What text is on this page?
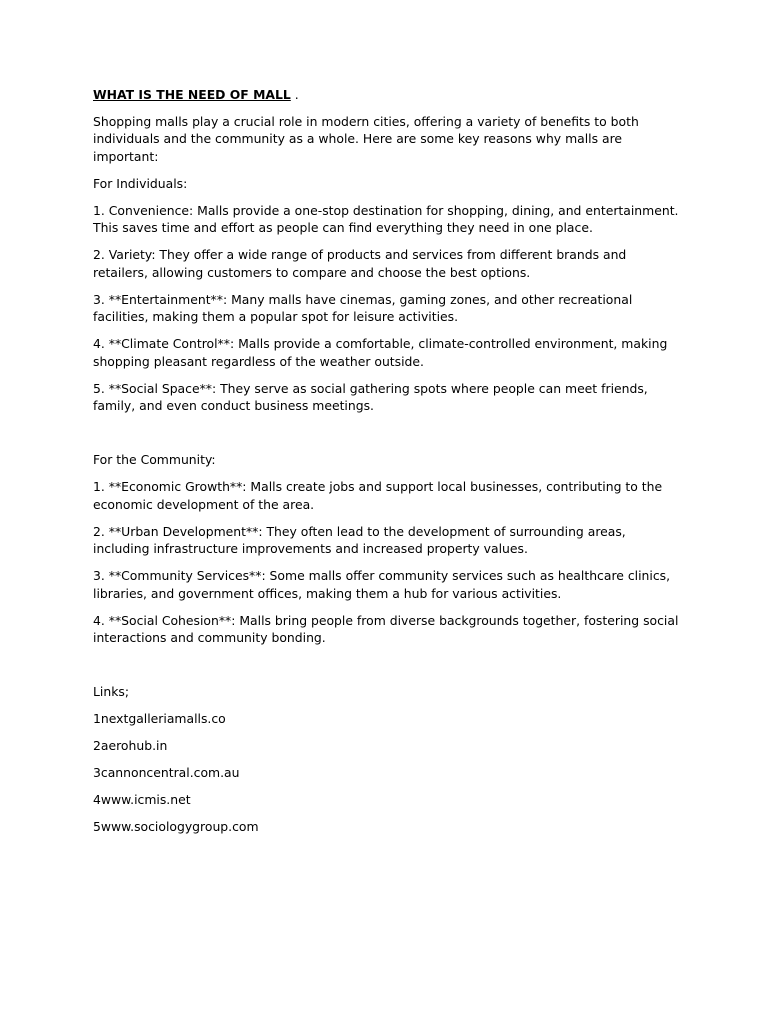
WHAT IS THE NEED OF MALL .

Shopping malls play a crucial role in modern cities, offering a variety of benefits to both individuals and the community as a whole. Here are some key reasons why malls are important:

For Individuals:

1. Convenience: Malls provide a one-stop destination for shopping, dining, and entertainment. This saves time and effort as people can find everything they need in one place.

2. Variety: They offer a wide range of products and services from different brands and retailers, allowing customers to compare and choose the best options.

3. **Entertainment**: Many malls have cinemas, gaming zones, and other recreational facilities, making them a popular spot for leisure activities.

4. **Climate Control**: Malls provide a comfortable, climate-controlled environment, making shopping pleasant regardless of the weather outside.

5. **Social Space**: They serve as social gathering spots where people can meet friends, family, and even conduct business meetings.

For the Community:

1. **Economic Growth**: Malls create jobs and support local businesses, contributing to the economic development of the area.

2. **Urban Development**: They often lead to the development of surrounding areas, including infrastructure improvements and increased property values.

3. **Community Services**: Some malls offer community services such as healthcare clinics, libraries, and government offices, making them a hub for various activities.

4. **Social Cohesion**: Malls bring people from diverse backgrounds together, fostering social interactions and community bonding.

Links;

1nextgalleriamalls.co

2aerohub.in

3cannoncentral.com.au

4www.icmis.net

5www.sociologygroup.com
